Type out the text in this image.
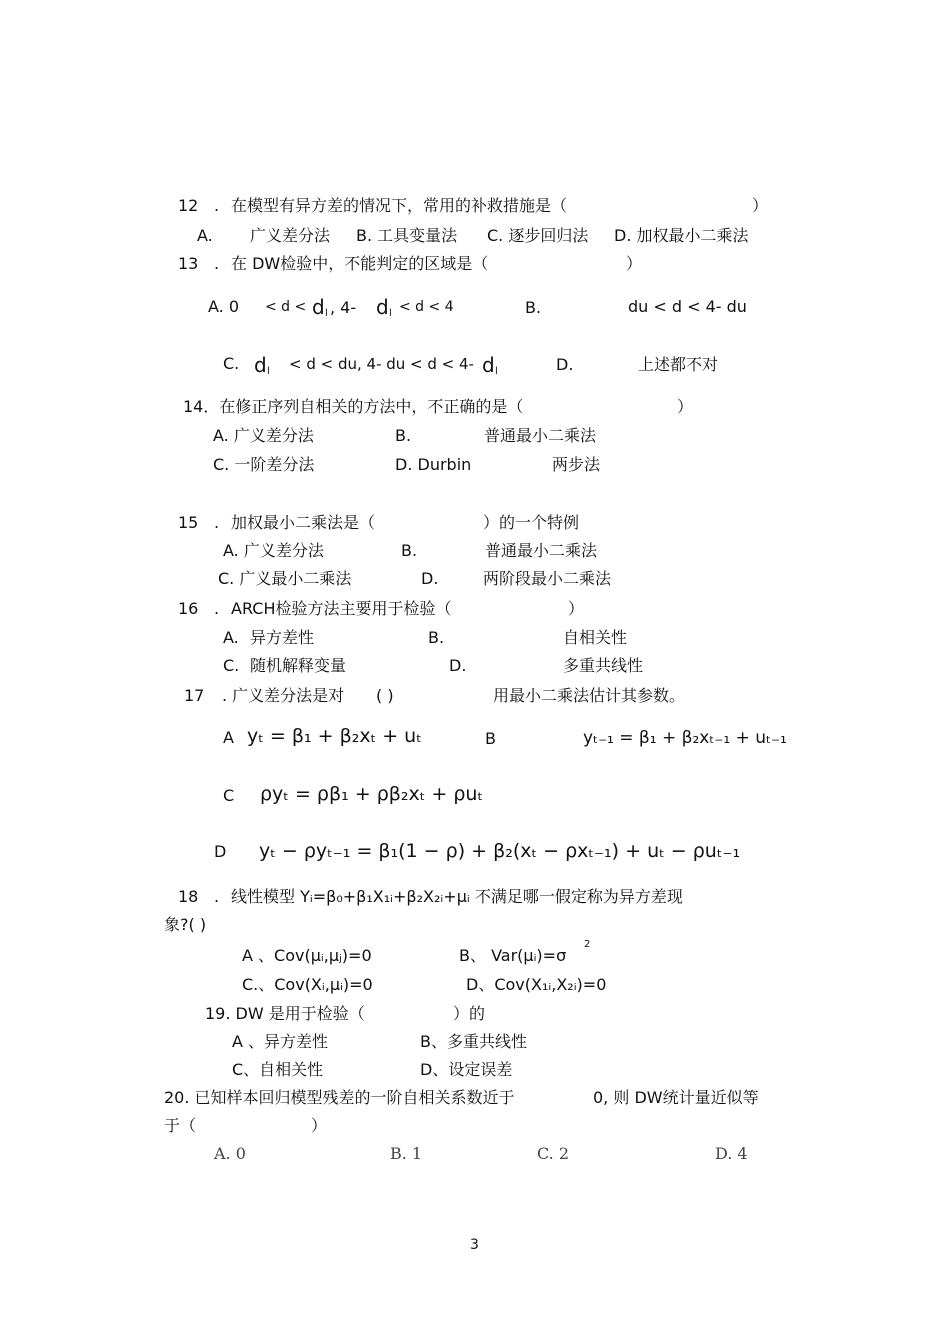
12 . 在模型有异方差的情况下，常用的补救措施是（	）
A. 广义差分法 B. 工具变量法 C. 逐步回归法 D. 加权最小二乘法
13 . 在 DW检验中，不能判定的区域是（	）
A. 0 < d < d l , 4- d l < d < 4	B.	du < d < 4- du
C. d l < d < du, 4- du < d < 4- d l	D.	上述都不对
14．在修正序列自相关的方法中，不正确的是（	）
A. 广义差分法	B.	普通最小二乘法
C. 一阶差分法	D. Durbin	两步法
15 . 加权最小二乘法是（	）的一个特例
A. 广义差分法	B.	普通最小二乘法
C. 广义最小二乘法	D.	两阶段最小二乘法
16 . ARCH检验方法主要用于检验（	）
A. 异方差性	B.	自相关性
C. 随机解释变量	D.	多重共线性
17 . 广义差分法是对 ( )	用最小二乘法估计其参数。
A yₜ = β₁ + β₂xₜ + uₜ	B	yₜ₋₁ = β₁ + β₂xₜ₋₁ + uₜ₋₁
C ρyₜ = ρβ₁ + ρβ₂xₜ + ρuₜ
D yₜ − ρyₜ₋₁ = β₁(1 − ρ) + β₂(xₜ − ρxₜ₋₁) + uₜ − ρuₜ₋₁
18 . 线性模型 Yᵢ=β₀+β₁X₁ᵢ+β₂X₂ᵢ+μᵢ 不满足哪一假定称为异方差现
象?( )
A 、Cov(μᵢ,μⱼ)=0	B、 Var(μᵢ)=σ
2
C.、Cov(Xᵢ,μᵢ)=0	D、Cov(X₁ᵢ,X₂ᵢ)=0
19. DW 是用于检验（	）的
A 、异方差性	B、多重共线性
C、自相关性	D、设定误差
20. 已知样本回归模型残差的一阶自相关系数近于	0, 则 DW统计量近似等
于（	）
A. 0	B. 1	C. 2	D. 4
3
